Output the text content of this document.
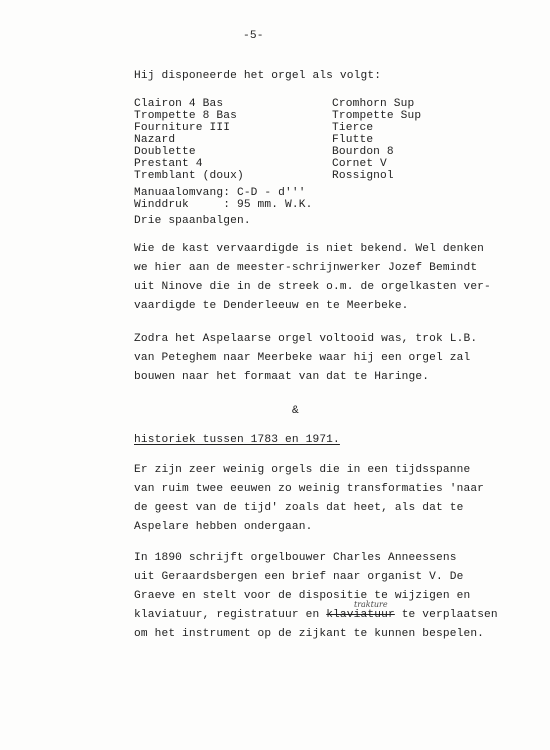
-5-
Hij disponeerde het orgel als volgt:
Clairon 4 Bas
Trompette 8 Bas
Fourniture III
Nazard
Doublette
Prestant 4
Tremblant (doux)
Cromhorn Sup
Trompette Sup
Tierce
Flutte
Bourdon 8
Cornet V
Rossignol
Manuaalomvang: C-D - d'''
Winddruk     : 95 mm. W.K.
Drie spaanbalgen.
Wie de kast vervaardigde is niet bekend. Wel denken
we hier aan de meester-schrijnwerker Jozef Bemindt
uit Ninove die in de streek o.m. de orgelkasten ver-
vaardigde te Denderleeuw en te Meerbeke.
Zodra het Aspelaarse orgel voltooid was, trok L.B.
van Peteghem naar Meerbeke waar hij een orgel zal
bouwen naar het formaat van dat te Haringe.
&
historiek tussen 1783 en 1971.
Er zijn zeer weinig orgels die in een tijdsspanne
van ruim twee eeuwen zo weinig transformaties 'naar
de geest van de tijd' zoals dat heet, als dat te
Aspelare hebben ondergaan.
In 1890 schrijft orgelbouwer Charles Anneessens
uit Geraardsbergen een brief naar organist V. De
Graeve en stelt voor de dispositie te wijzigen en
klaviatuur, registratuur en klaviatuur te verplaatsen
trakture
om het instrument op de zijkant te kunnen bespelen.
